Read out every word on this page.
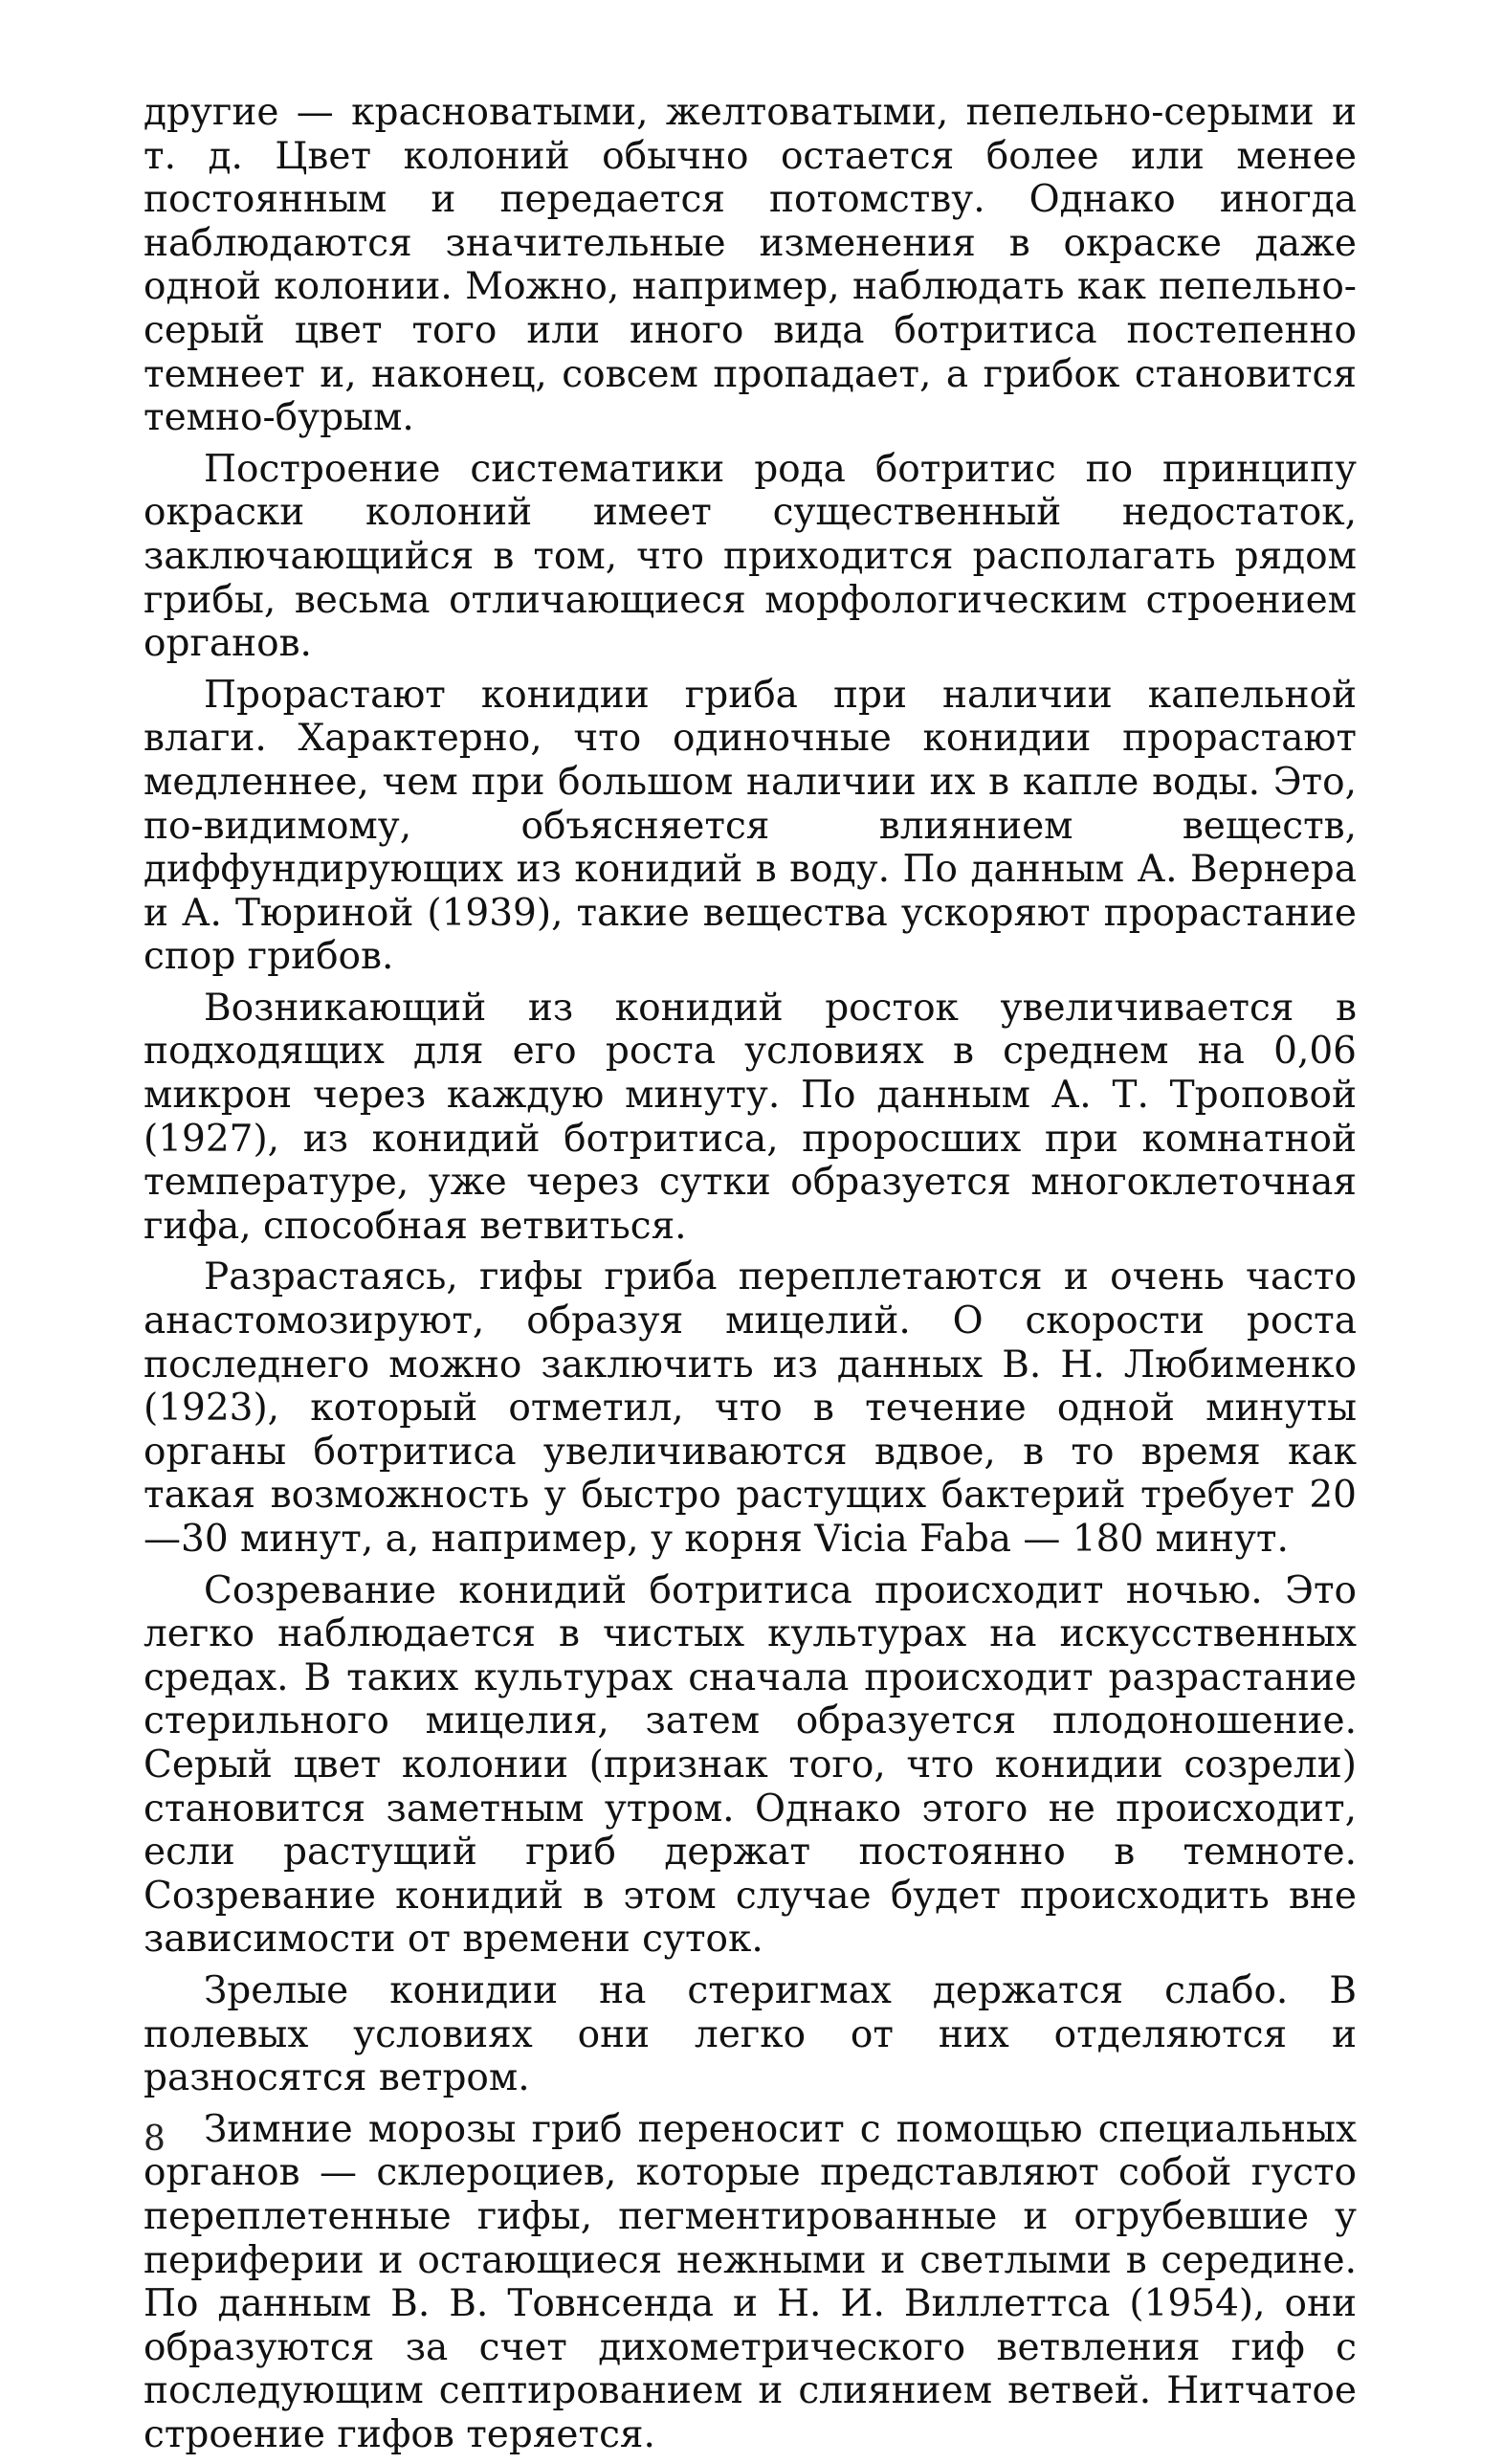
другие — красноватыми, желтоватыми, пепельно-серыми и т. д. Цвет колоний обычно остается более или менее постоянным и передается потомству. Однако иногда наблюдаются значительные изменения в окраске даже одной колонии. Можно, например, наблюдать как пепельно-серый цвет того или иного вида ботритиса постепенно темнеет и, наконец, совсем пропадает, а грибок становится темно-бурым.

Построение систематики рода ботритис по принципу окраски колоний имеет существенный недостаток, заключающийся в том, что приходится располагать рядом грибы, весьма отличающиеся морфологическим строением органов.

Прорастают конидии гриба при наличии капельной влаги. Характерно, что одиночные конидии прорастают медленнее, чем при большом наличии их в капле воды. Это, по-видимому, объясняется влиянием веществ, диффундирующих из конидий в воду. По данным А. Вернера и А. Тюриной (1939), такие вещества ускоряют прорастание спор грибов.

Возникающий из конидий росток увеличивается в подходящих для его роста условиях в среднем на 0,06 микрон через каждую минуту. По данным А. Т. Троповой (1927), из конидий ботритиса, проросших при комнатной температуре, уже через сутки образуется многоклеточная гифа, способная ветвиться.

Разрастаясь, гифы гриба переплетаются и очень часто анастомозируют, образуя мицелий. О скорости роста последнего можно заключить из данных В. Н. Любименко (1923), который отметил, что в течение одной минуты органы ботритиса увеличиваются вдвое, в то время как такая возможность у быстро растущих бактерий требует 20—30 минут, а, например, у корня Vicia Faba — 180 минут.

Созревание конидий ботритиса происходит ночью. Это легко наблюдается в чистых культурах на искусственных средах. В таких культурах сначала происходит разрастание стерильного мицелия, затем образуется плодоношение. Серый цвет колонии (признак того, что конидии созрели) становится заметным утром. Однако этого не происходит, если растущий гриб держат постоянно в темноте. Созревание конидий в этом случае будет происходить вне зависимости от времени суток.

Зрелые конидии на стеригмах держатся слабо. В полевых условиях они легко от них отделяются и разносятся ветром.

Зимние морозы гриб переносит с помощью специальных органов — склероциев, которые представляют собой густо переплетенные гифы, пегментированные и огрубевшие у периферии и остающиеся нежными и светлыми в середине. По данным В. В. Товнсенда и Н. И. Виллеттса (1954), они образуются за счет дихометрического ветвления гиф с последующим септированием и слиянием ветвей. Нитчатое строение гифов теряется.

8
